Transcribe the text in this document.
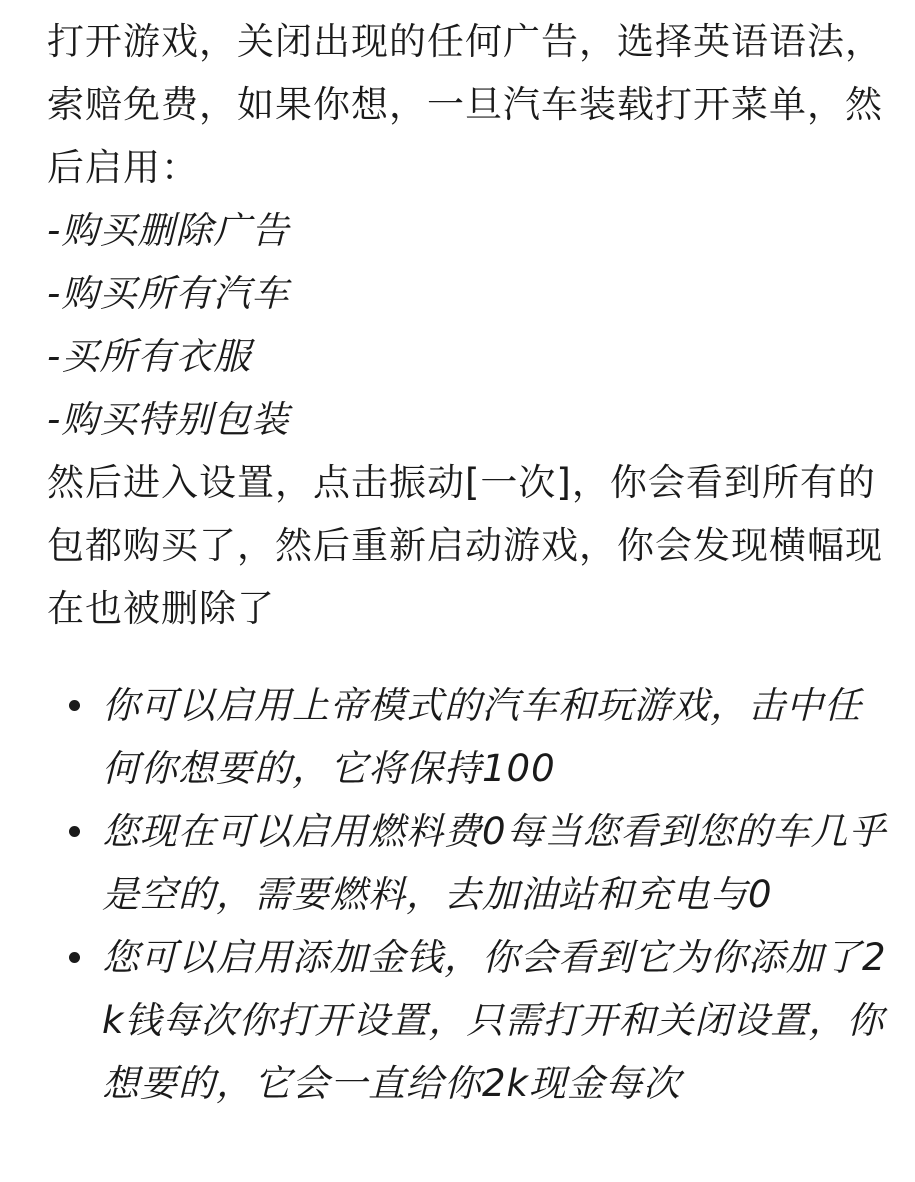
打开游戏，关闭出现的任何广告，选择英语语法，索赔免费，如果你想，一旦汽车装载打开菜单，然后启用：

-购买删除广告
-购买所有汽车
-买所有衣服
-购买特别包装

然后进入设置，点击振动[一次]，你会看到所有的包都购买了，然后重新启动游戏，你会发现横幅现在也被删除了

你可以启用上帝模式的汽车和玩游戏，击中任何你想要的，它将保持100
您现在可以启用燃料费0每当您看到您的车几乎是空的，需要燃料，去加油站和充电与0
您可以启用添加金钱，你会看到它为你添加了2k钱每次你打开设置，只需打开和关闭设置，你想要的，它会一直给你2k现金每次
